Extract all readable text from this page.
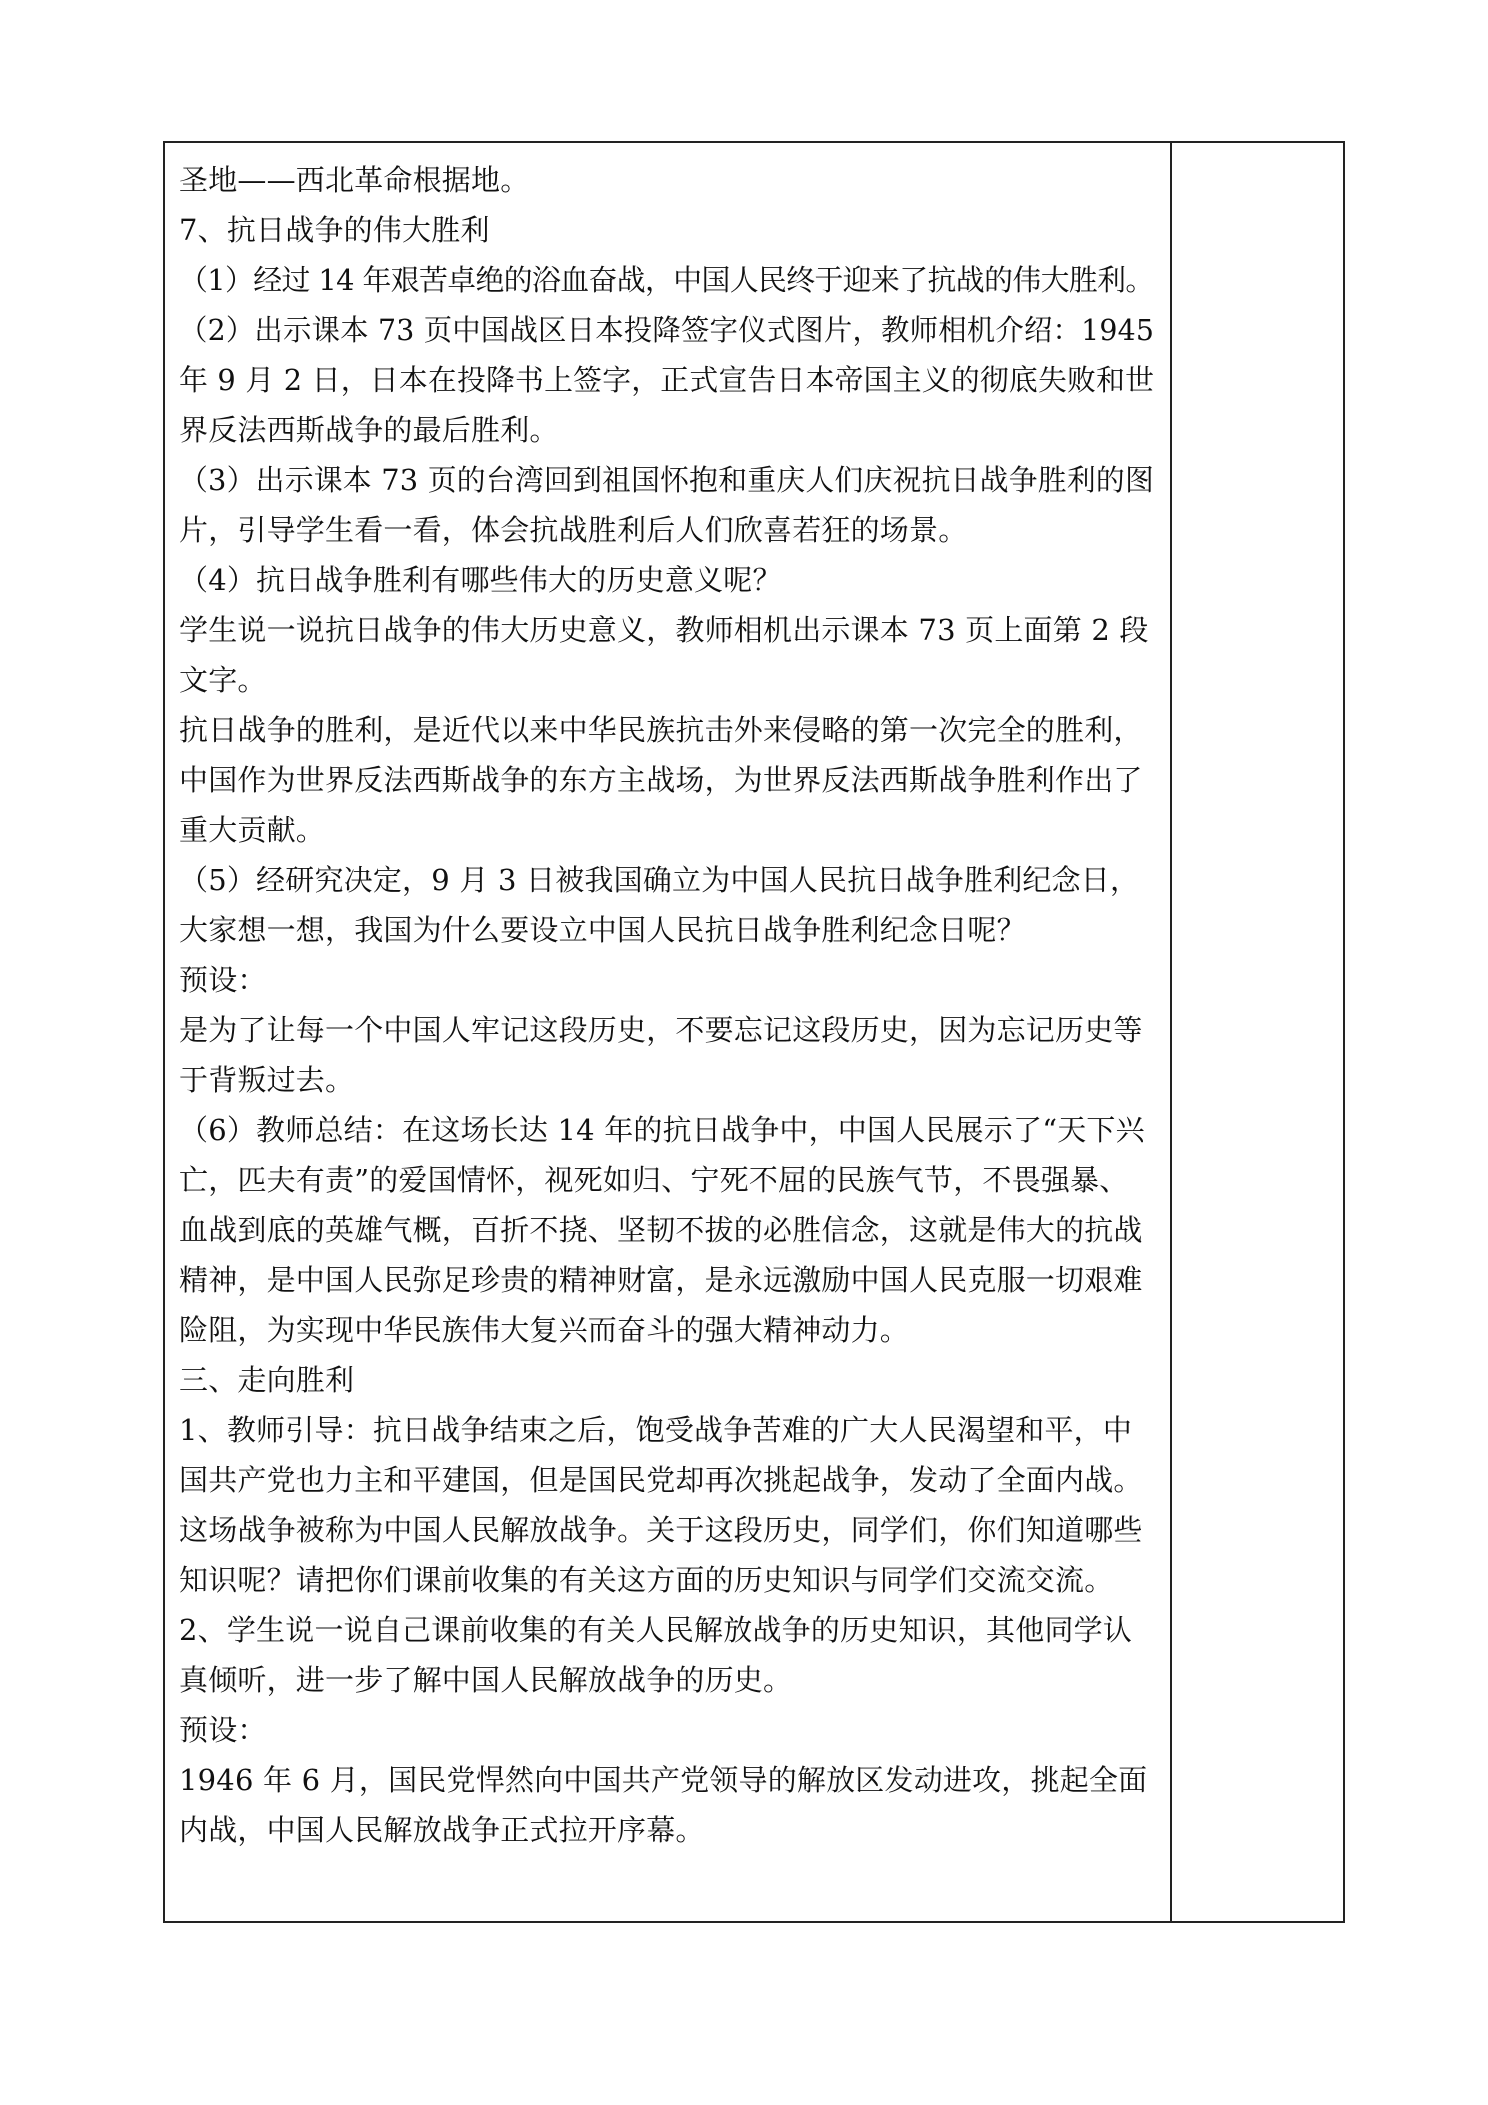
圣地——西北革命根据地。
7、抗日战争的伟大胜利
（1）经过 14 年艰苦卓绝的浴血奋战，中国人民终于迎来了抗战的伟大胜利。
（2）出示课本 73 页中国战区日本投降签字仪式图片，教师相机介绍：1945
年 9 月 2 日，日本在投降书上签字，正式宣告日本帝国主义的彻底失败和世
界反法西斯战争的最后胜利。
（3）出示课本 73 页的台湾回到祖国怀抱和重庆人们庆祝抗日战争胜利的图
片，引导学生看一看，体会抗战胜利后人们欣喜若狂的场景。
（4）抗日战争胜利有哪些伟大的历史意义呢？
学生说一说抗日战争的伟大历史意义，教师相机出示课本 73 页上面第 2 段
文字。
抗日战争的胜利，是近代以来中华民族抗击外来侵略的第一次完全的胜利，
中国作为世界反法西斯战争的东方主战场，为世界反法西斯战争胜利作出了
重大贡献。
（5）经研究决定，9 月 3 日被我国确立为中国人民抗日战争胜利纪念日，
大家想一想，我国为什么要设立中国人民抗日战争胜利纪念日呢？
预设：
是为了让每一个中国人牢记这段历史，不要忘记这段历史，因为忘记历史等
于背叛过去。
（6）教师总结：在这场长达 14 年的抗日战争中，中国人民展示了“天下兴
亡，匹夫有责”的爱国情怀，视死如归、宁死不屈的民族气节，不畏强暴、
血战到底的英雄气概，百折不挠、坚韧不拔的必胜信念，这就是伟大的抗战
精神，是中国人民弥足珍贵的精神财富，是永远激励中国人民克服一切艰难
险阻，为实现中华民族伟大复兴而奋斗的强大精神动力。
三、走向胜利
1、教师引导：抗日战争结束之后，饱受战争苦难的广大人民渴望和平，中
国共产党也力主和平建国，但是国民党却再次挑起战争，发动了全面内战。
这场战争被称为中国人民解放战争。关于这段历史，同学们，你们知道哪些
知识呢？请把你们课前收集的有关这方面的历史知识与同学们交流交流。
2、学生说一说自己课前收集的有关人民解放战争的历史知识，其他同学认
真倾听，进一步了解中国人民解放战争的历史。
预设：
1946 年 6 月，国民党悍然向中国共产党领导的解放区发动进攻，挑起全面
内战，中国人民解放战争正式拉开序幕。
